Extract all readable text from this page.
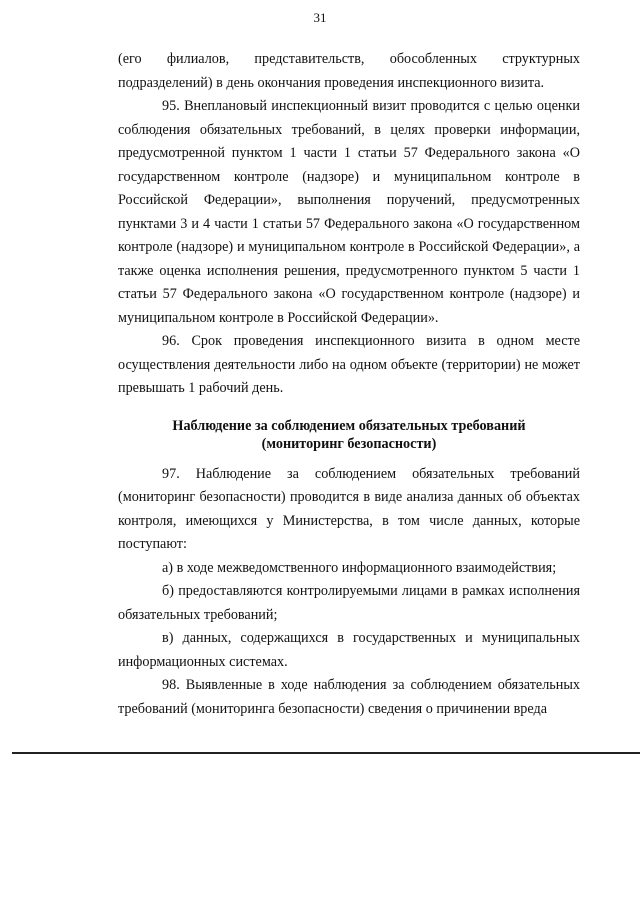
31

(его филиалов, представительств, обособленных структурных подразделений) в день окончания проведения инспекционного визита.

95. Внеплановый инспекционный визит проводится с целью оценки соблюдения обязательных требований, в целях проверки информации, предусмотренной пунктом 1 части 1 статьи 57 Федерального закона «О государственном контроле (надзоре) и муниципальном контроле в Российской Федерации», выполнения поручений, предусмотренных пунктами 3 и 4 части 1 статьи 57 Федерального закона «О государственном контроле (надзоре) и муниципальном контроле в Российской Федерации», а также оценка исполнения решения, предусмотренного пунктом 5 части 1 статьи 57 Федерального закона «О государственном контроле (надзоре) и муниципальном контроле в Российской Федерации».

96. Срок проведения инспекционного визита в одном месте осуществления деятельности либо на одном объекте (территории) не может превышать 1 рабочий день.

Наблюдение за соблюдением обязательных требований
(мониторинг безопасности)

97. Наблюдение за соблюдением обязательных требований (мониторинг безопасности) проводится в виде анализа данных об объектах контроля, имеющихся у Министерства, в том числе данных, которые поступают:

а) в ходе межведомственного информационного взаимодействия;

б) предоставляются контролируемыми лицами в рамках исполнения обязательных требований;

в) данных, содержащихся в государственных и муниципальных информационных системах.

98. Выявленные в ходе наблюдения за соблюдением обязательных требований (мониторинга безопасности) сведения о причинении вреда
